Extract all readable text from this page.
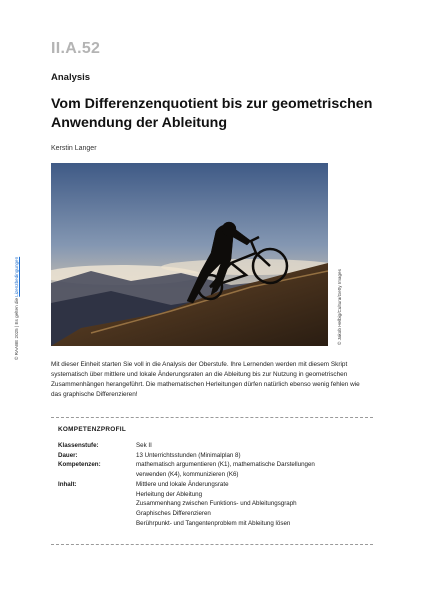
II.A.52
Analysis
Vom Differenzenquotient bis zur geometrischen Anwendung der Ableitung
Kerstin Langer
© RAABE 2025 | Es gelten die Lizenzbedingungen	© Jakob Helbig/Cultura/Getty Images
Mit dieser Einheit starten Sie voll in die Analysis der Oberstufe. Ihre Lernenden werden mit diesem Skript systematisch über mittlere und lokale Änderungsraten an die Ableitung bis zur Nutzung in geometrischen Zusammenhängen herangeführt. Die mathematischen Herleitungen dürfen natürlich ebenso wenig fehlen wie das graphische Differenzieren!
KOMPETENZPROFIL
Klassenstufe:	Sek II
Dauer:	13 Unterrichtsstunden (Minimalplan 8)
Kompetenzen:	mathematisch argumentieren (K1), mathematische Darstellungen
verwenden (K4), kommunizieren (K6)
Inhalt:	Mittlere und lokale Änderungsrate
Herleitung der Ableitung
Zusammenhang zwischen Funktions- und Ableitungsgraph
Graphisches Differenzieren
Berührpunkt- und Tangentenproblem mit Ableitung lösen
